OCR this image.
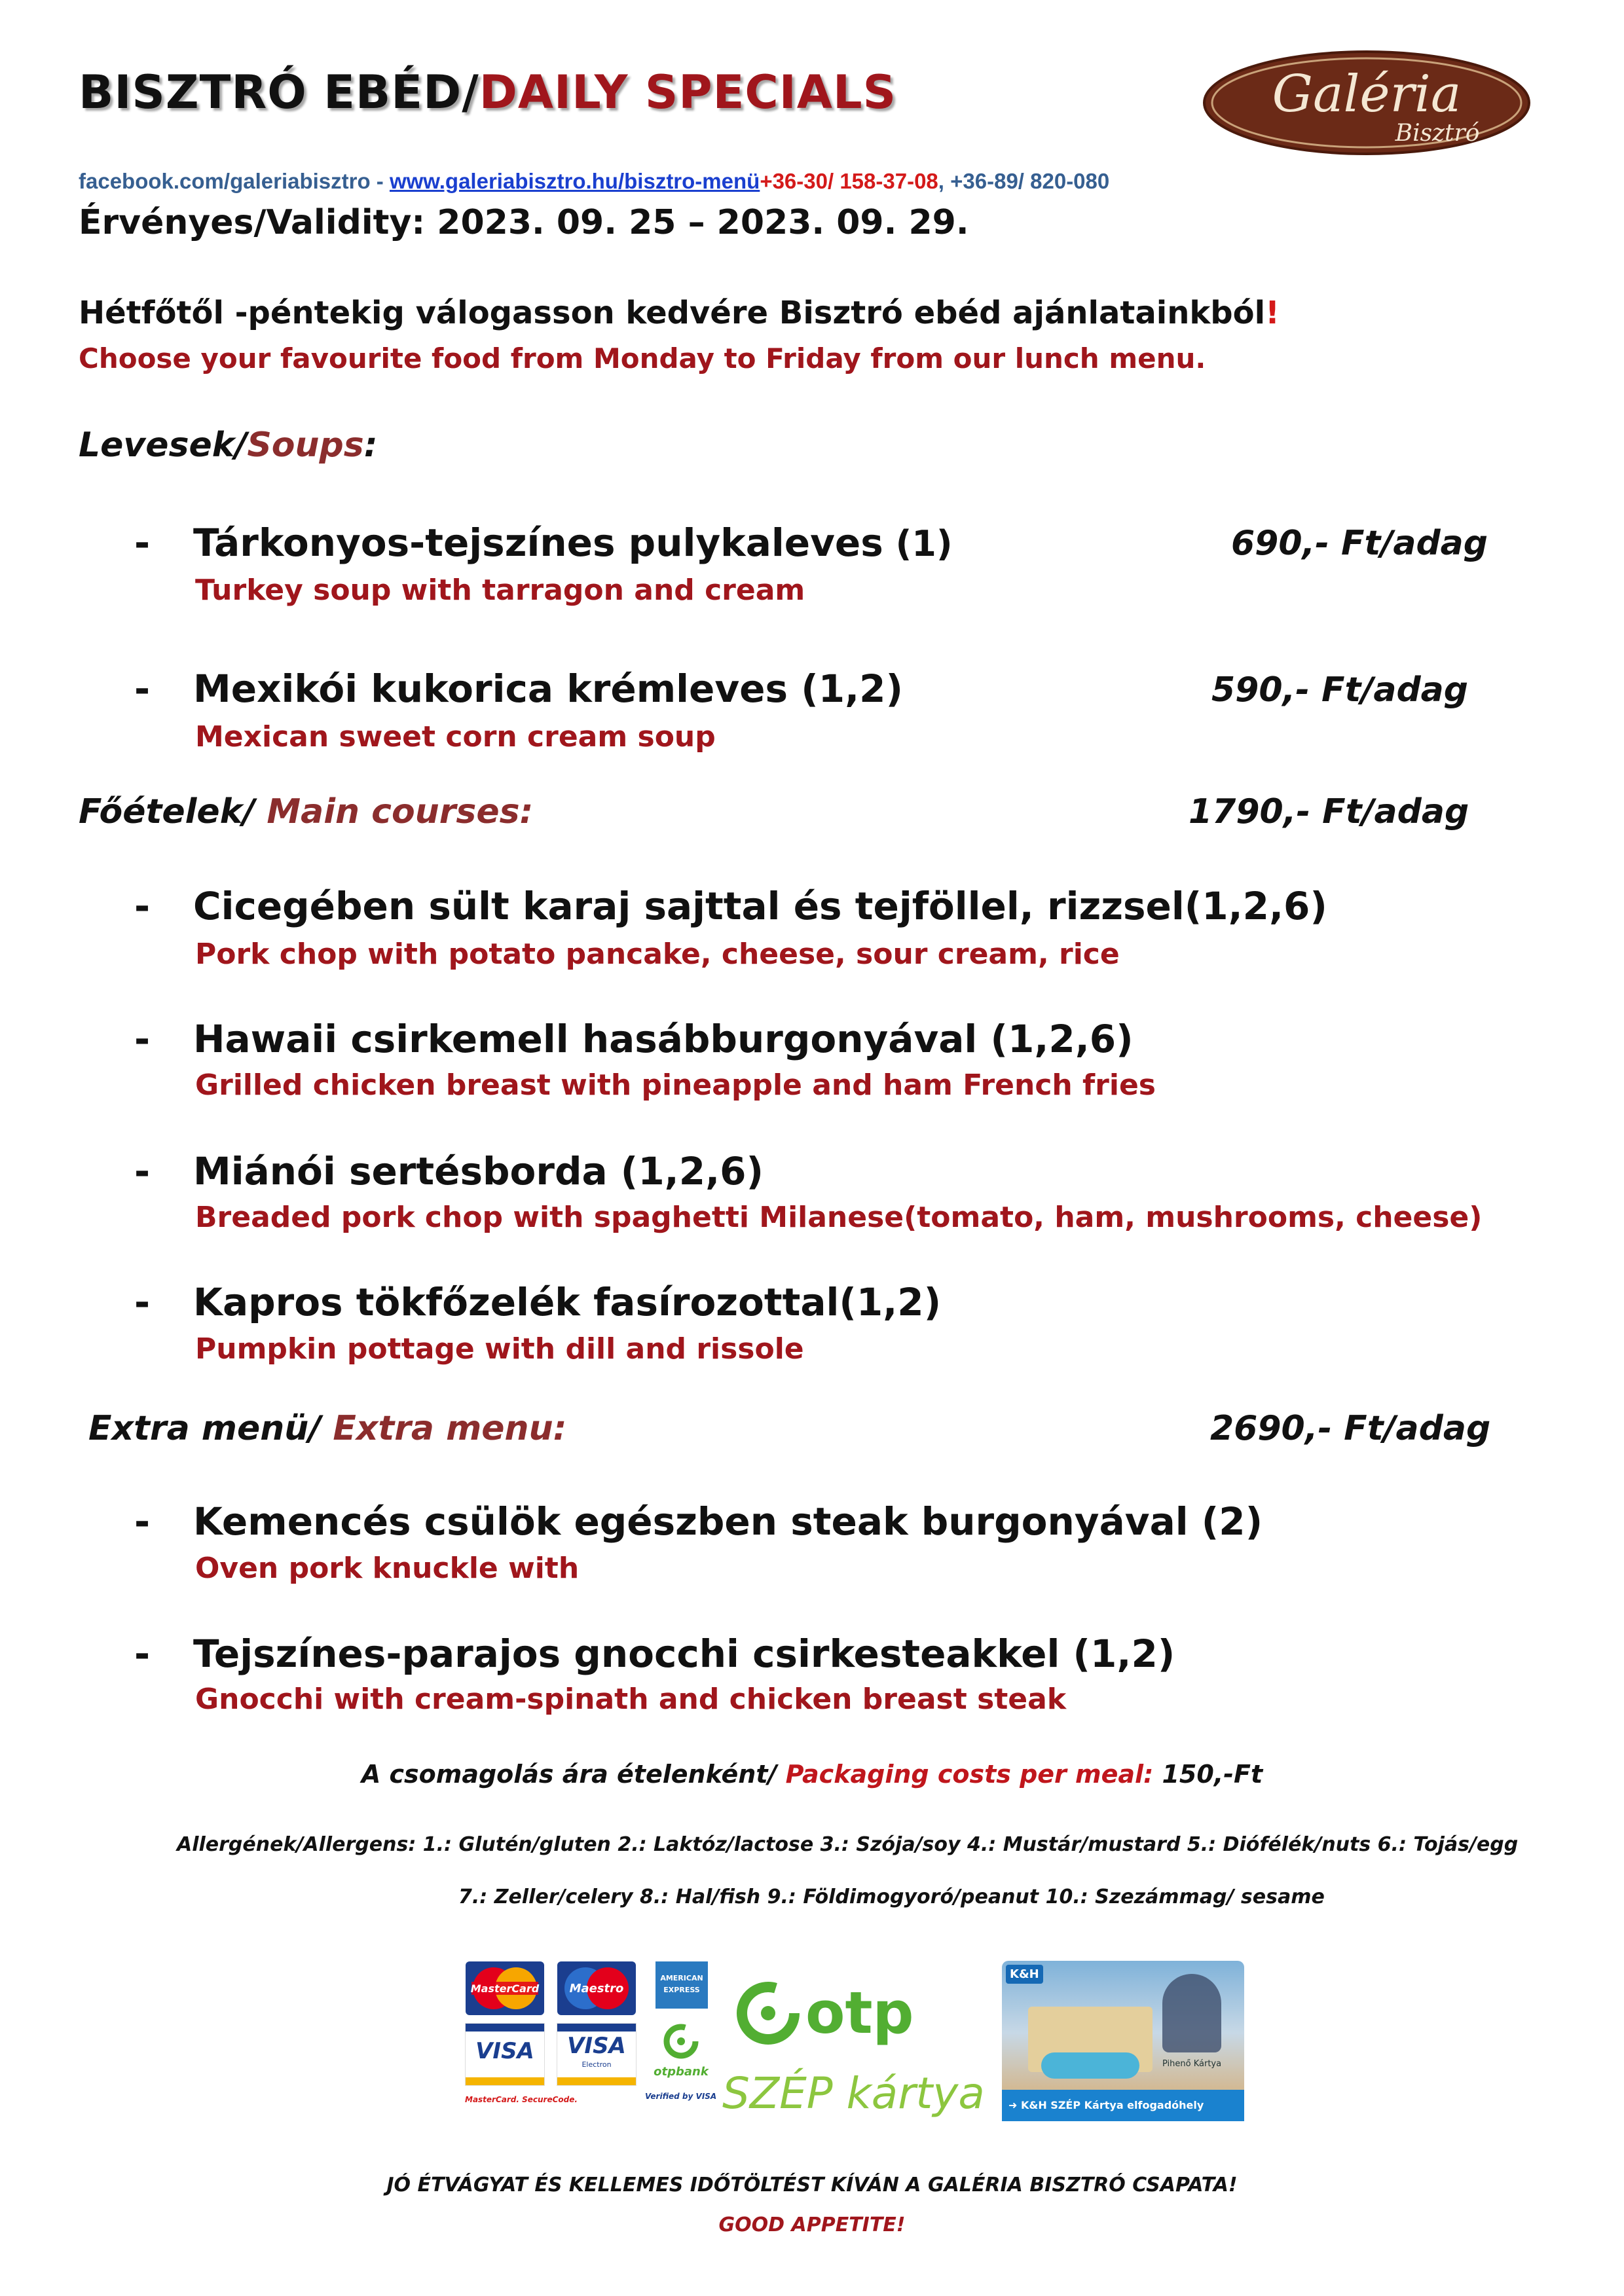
BISZTRÓ EBÉD/DAILY SPECIALS	Galéria
Bisztró
facebook.com/galeriabisztro - www.galeriabisztro.hu/bisztro-menü+36-30/ 158-37-08, +36-89/ 820-080
Érvényes/Validity: 2023. 09. 25 – 2023. 09. 29.
Hétfőtől -péntekig válogasson kedvére Bisztró ebéd ajánlatainkból!
Choose your favourite food from Monday to Friday from our lunch menu.
Levesek/Soups:
- Tárkonyos-tejszínes pulykaleves (1)	690,- Ft/adag
Turkey soup with tarragon and cream
- Mexikói kukorica krémleves (1,2)	590,- Ft/adag
Mexican sweet corn cream soup
Főételek/ Main courses:	1790,- Ft/adag
- Cicegében sült karaj sajttal és tejföllel, rizzsel(1,2,6)
Pork chop with potato pancake, cheese, sour cream, rice
- Hawaii csirkemell hasábburgonyával (1,2,6)
Grilled chicken breast with pineapple and ham French fries
- Miánói sertésborda (1,2,6)
Breaded pork chop with spaghetti Milanese(tomato, ham, mushrooms, cheese)
- Kapros tökfőzelék fasírozottal(1,2)
Pumpkin pottage with dill and rissole
Extra menü/ Extra menu:	2690,- Ft/adag
- Kemencés csülök egészben steak burgonyával (2)
Oven pork knuckle with
- Tejszínes-parajos gnocchi csirkesteakkel (1,2)
Gnocchi with cream-spinath and chicken breast steak
A csomagolás ára ételenként/ Packaging costs per meal: 150,-Ft
Allergének/Allergens: 1.: Glutén/gluten 2.: Laktóz/lactose 3.: Szója/soy 4.: Mustár/mustard 5.: Diófélék/nuts 6.: Tojás/egg
7.: Zeller/celery 8.: Hal/fish 9.: Földimogyoró/peanut 10.: Szezámmag/ sesame
MasterCard	Maestro
AMERICAN
EXPRESS
VISA	VISA
Electron
otpbank
MasterCard. SecureCode.	Verified by VISA
otp
SZÉP kártya
K&H
Pihenő Kártya
➜ K&H SZÉP Kártya elfogadóhely
JÓ ÉTVÁGYAT ÉS KELLEMES IDŐTÖLTÉST KÍVÁN A GALÉRIA BISZTRÓ CSAPATA!
GOOD APPETITE!
